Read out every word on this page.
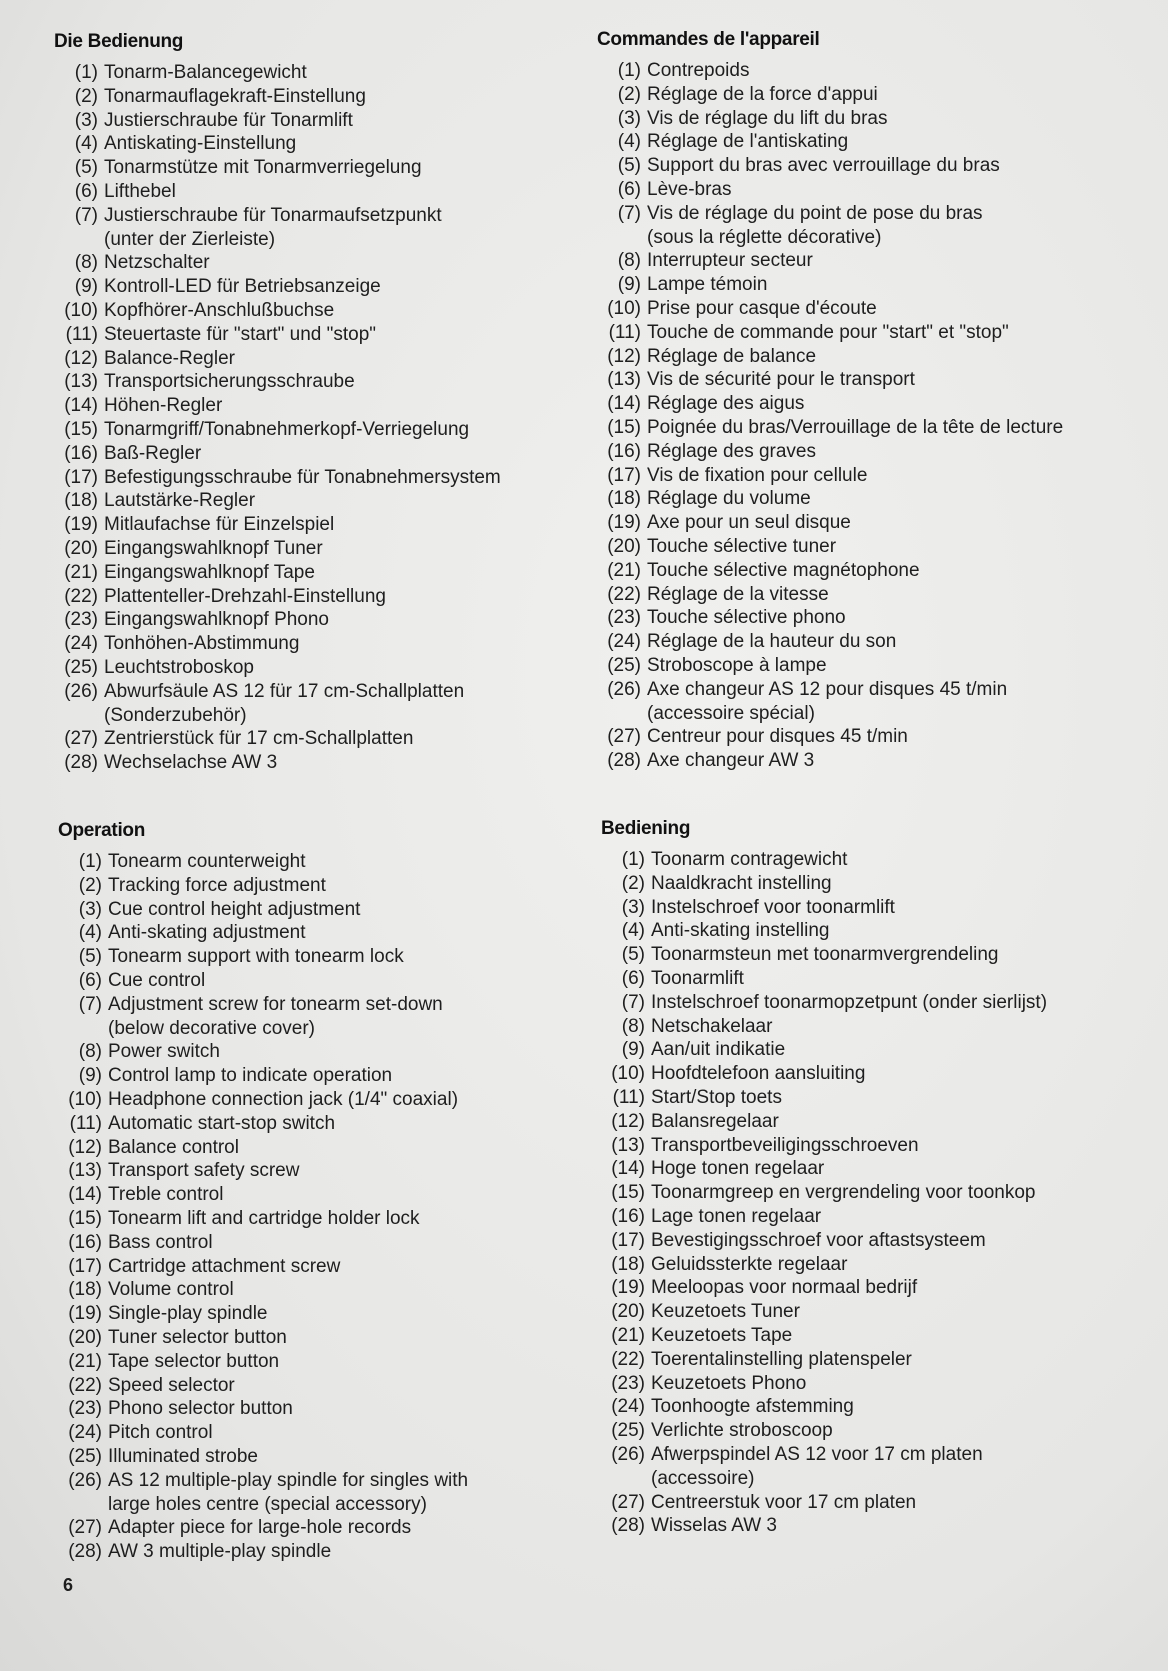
Die Bedienung
(1) Tonarm-Balancegewicht
(2) Tonarmauflagekraft-Einstellung
(3) Justierschraube für Tonarmlift
(4) Antiskating-Einstellung
(5) Tonarmstütze mit Tonarmverriegelung
(6) Lifthebel
(7) Justierschraube für Tonarmaufsetzpunkt
(unter der Zierleiste)
(8) Netzschalter
(9) Kontroll-LED für Betriebsanzeige
(10) Kopfhörer-Anschlußbuchse
(11) Steuertaste für "start" und "stop"
(12) Balance-Regler
(13) Transportsicherungsschraube
(14) Höhen-Regler
(15) Tonarmgriff/Tonabnehmerkopf-Verriegelung
(16) Baß-Regler
(17) Befestigungsschraube für Tonabnehmersystem
(18) Lautstärke-Regler
(19) Mitlaufachse für Einzelspiel
(20) Eingangswahlknopf Tuner
(21) Eingangswahlknopf Tape
(22) Plattenteller-Drehzahl-Einstellung
(23) Eingangswahlknopf Phono
(24) Tonhöhen-Abstimmung
(25) Leuchtstroboskop
(26) Abwurfsäule AS 12 für 17 cm-Schallplatten
(Sonderzubehör)
(27) Zentrierstück für 17 cm-Schallplatten
(28) Wechselachse AW 3
Commandes de l'appareil
(1) Contrepoids
(2) Réglage de la force d'appui
(3) Vis de réglage du lift du bras
(4) Réglage de l'antiskating
(5) Support du bras avec verrouillage du bras
(6) Lève-bras
(7) Vis de réglage du point de pose du bras
(sous la réglette décorative)
(8) Interrupteur secteur
(9) Lampe témoin
(10) Prise pour casque d'écoute
(11) Touche de commande pour "start" et "stop"
(12) Réglage de balance
(13) Vis de sécurité pour le transport
(14) Réglage des aigus
(15) Poignée du bras/Verrouillage de la tête de lecture
(16) Réglage des graves
(17) Vis de fixation pour cellule
(18) Réglage du volume
(19) Axe pour un seul disque
(20) Touche sélective tuner
(21) Touche sélective magnétophone
(22) Réglage de la vitesse
(23) Touche sélective phono
(24) Réglage de la hauteur du son
(25) Stroboscope à lampe
(26) Axe changeur AS 12 pour disques 45 t/min
(accessoire spécial)
(27) Centreur pour disques 45 t/min
(28) Axe changeur AW 3
Operation
(1) Tonearm counterweight
(2) Tracking force adjustment
(3) Cue control height adjustment
(4) Anti-skating adjustment
(5) Tonearm support with tonearm lock
(6) Cue control
(7) Adjustment screw for tonearm set-down
(below decorative cover)
(8) Power switch
(9) Control lamp to indicate operation
(10) Headphone connection jack (1/4" coaxial)
(11) Automatic start-stop switch
(12) Balance control
(13) Transport safety screw
(14) Treble control
(15) Tonearm lift and cartridge holder lock
(16) Bass control
(17) Cartridge attachment screw
(18) Volume control
(19) Single-play spindle
(20) Tuner selector button
(21) Tape selector button
(22) Speed selector
(23) Phono selector button
(24) Pitch control
(25) Illuminated strobe
(26) AS 12 multiple-play spindle for singles with
large holes centre (special accessory)
(27) Adapter piece for large-hole records
(28) AW 3 multiple-play spindle
Bediening
(1) Toonarm contragewicht
(2) Naaldkracht instelling
(3) Instelschroef voor toonarmlift
(4) Anti-skating instelling
(5) Toonarmsteun met toonarmvergrendeling
(6) Toonarmlift
(7) Instelschroef toonarmopzetpunt (onder sierlijst)
(8) Netschakelaar
(9) Aan/uit indikatie
(10) Hoofdtelefoon aansluiting
(11) Start/Stop toets
(12) Balansregelaar
(13) Transportbeveiligingsschroeven
(14) Hoge tonen regelaar
(15) Toonarmgreep en vergrendeling voor toonkop
(16) Lage tonen regelaar
(17) Bevestigingsschroef voor aftastsysteem
(18) Geluidssterkte regelaar
(19) Meeloopas voor normaal bedrijf
(20) Keuzetoets Tuner
(21) Keuzetoets Tape
(22) Toerentalinstelling platenspeler
(23) Keuzetoets Phono
(24) Toonhoogte afstemming
(25) Verlichte stroboscoop
(26) Afwerpspindel AS 12 voor 17 cm platen
(accessoire)
(27) Centreerstuk voor 17 cm platen
(28) Wisselas AW 3
6
